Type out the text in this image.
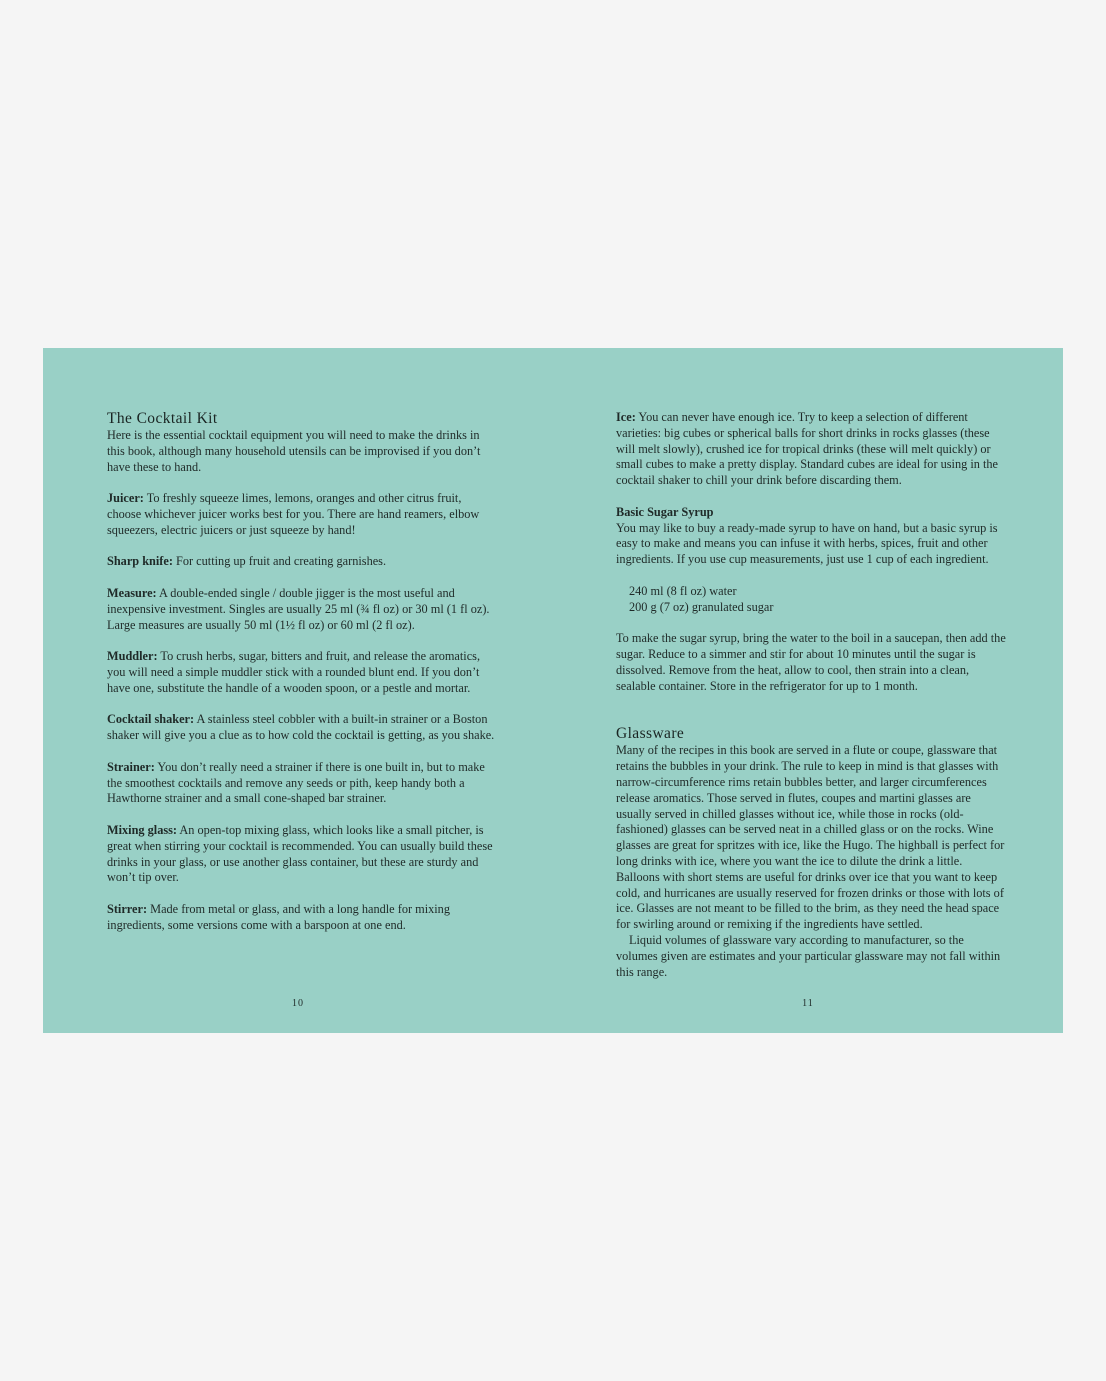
The Cocktail Kit

Here is the essential cocktail equipment you will need to make the drinks in this book, although many household utensils can be improvised if you don’t have these to hand.

Juicer: To freshly squeeze limes, lemons, oranges and other citrus fruit, choose whichever juicer works best for you. There are hand reamers, elbow squeezers, electric juicers or just squeeze by hand!

Sharp knife: For cutting up fruit and creating garnishes.

Measure: A double-ended single / double jigger is the most useful and inexpensive investment. Singles are usually 25 ml (¾ fl oz) or 30 ml (1 fl oz). Large measures are usually 50 ml (1½ fl oz) or 60 ml (2 fl oz).

Muddler: To crush herbs, sugar, bitters and fruit, and release the aromatics, you will need a simple muddler stick with a rounded blunt end. If you don’t have one, substitute the handle of a wooden spoon, or a pestle and mortar.

Cocktail shaker: A stainless steel cobbler with a built-in strainer or a Boston shaker will give you a clue as to how cold the cocktail is getting, as you shake.

Strainer: You don’t really need a strainer if there is one built in, but to make the smoothest cocktails and remove any seeds or pith, keep handy both a Hawthorne strainer and a small cone-shaped bar strainer.

Mixing glass: An open-top mixing glass, which looks like a small pitcher, is great when stirring your cocktail is recommended. You can usually build these drinks in your glass, or use another glass container, but these are sturdy and won’t tip over.

Stirrer: Made from metal or glass, and with a long handle for mixing ingredients, some versions come with a barspoon at one end.

Ice: You can never have enough ice. Try to keep a selection of different varieties: big cubes or spherical balls for short drinks in rocks glasses (these will melt slowly), crushed ice for tropical drinks (these will melt quickly) or small cubes to make a pretty display. Standard cubes are ideal for using in the cocktail shaker to chill your drink before discarding them.

Basic Sugar Syrup

You may like to buy a ready-made syrup to have on hand, but a basic syrup is easy to make and means you can infuse it with herbs, spices, fruit and other ingredients. If you use cup measurements, just use 1 cup of each ingredient.

240 ml (8 fl oz) water
200 g (7 oz) granulated sugar

To make the sugar syrup, bring the water to the boil in a saucepan, then add the sugar. Reduce to a simmer and stir for about 10 minutes until the sugar is dissolved. Remove from the heat, allow to cool, then strain into a clean, sealable container. Store in the refrigerator for up to 1 month.

Glassware

Many of the recipes in this book are served in a flute or coupe, glassware that retains the bubbles in your drink. The rule to keep in mind is that glasses with narrow-circumference rims retain bubbles better, and larger circumferences release aromatics. Those served in flutes, coupes and martini glasses are usually served in chilled glasses without ice, while those in rocks (old-fashioned) glasses can be served neat in a chilled glass or on the rocks. Wine glasses are great for spritzes with ice, like the Hugo. The highball is perfect for long drinks with ice, where you want the ice to dilute the drink a little. Balloons with short stems are useful for drinks over ice that you want to keep cold, and hurricanes are usually reserved for frozen drinks or those with lots of ice. Glasses are not meant to be filled to the brim, as they need the head space for swirling around or remixing if the ingredients have settled.

Liquid volumes of glassware vary according to manufacturer, so the volumes given are estimates and your particular glassware may not fall within this range.

10	11
